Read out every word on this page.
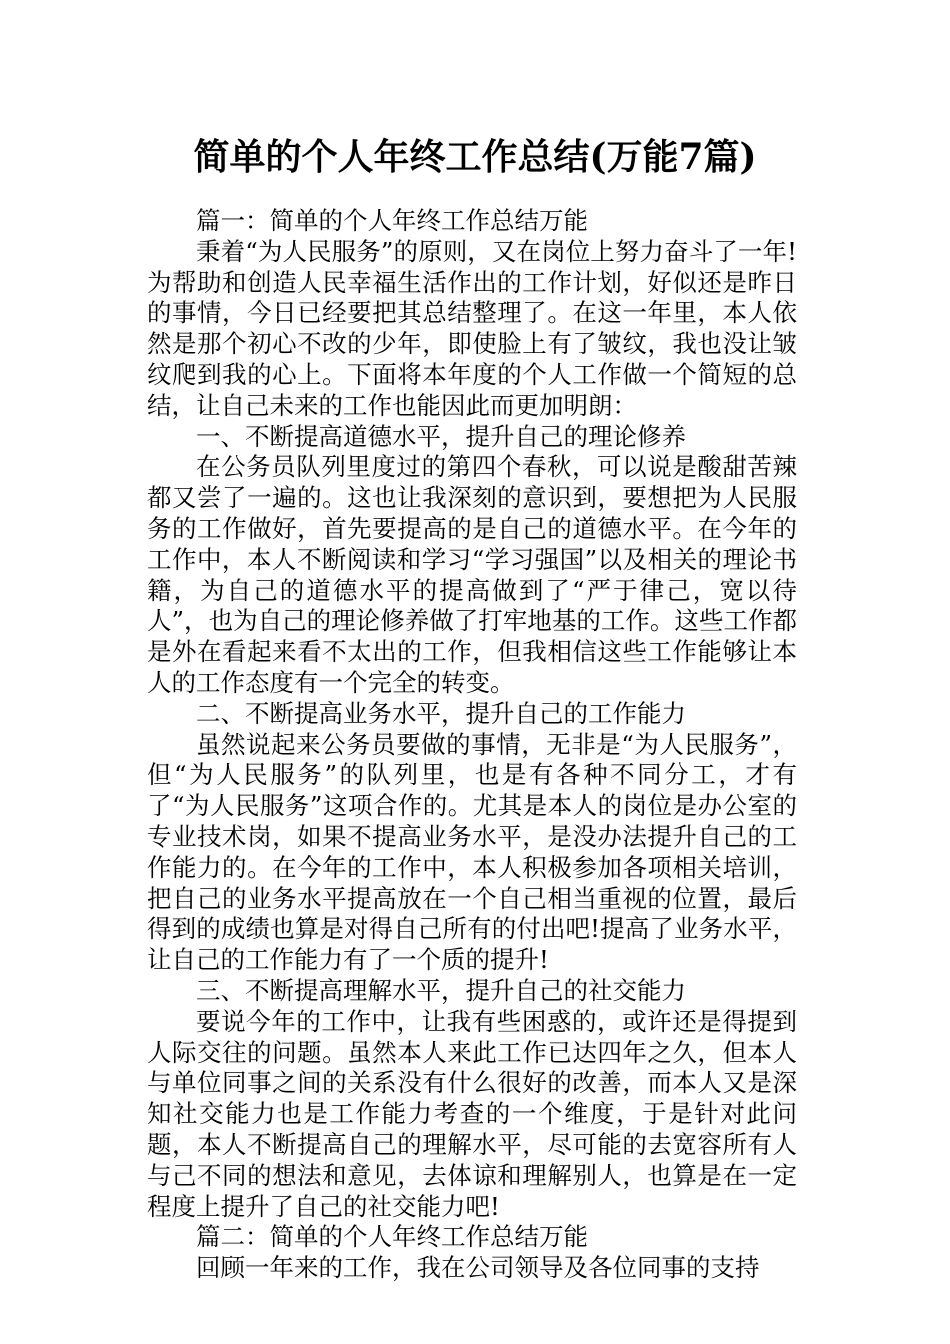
简单的个人年终工作总结(万能7篇)

篇一：简单的个人年终工作总结万能

秉着“为人民服务”的原则，又在岗位上努力奋斗了一年!为帮助和创造人民幸福生活作出的工作计划，好似还是昨日的事情，今日已经要把其总结整理了。在这一年里，本人依然是那个初心不改的少年，即使脸上有了皱纹，我也没让皱纹爬到我的心上。下面将本年度的个人工作做一个简短的总结，让自己未来的工作也能因此而更加明朗：

一、不断提高道德水平，提升自己的理论修养

在公务员队列里度过的第四个春秋，可以说是酸甜苦辣都又尝了一遍的。这也让我深刻的意识到，要想把为人民服务的工作做好，首先要提高的是自己的道德水平。在今年的工作中，本人不断阅读和学习“学习强国”以及相关的理论书籍，为自己的道德水平的提高做到了“严于律己，宽以待人”，也为自己的理论修养做了打牢地基的工作。这些工作都是外在看起来看不太出的工作，但我相信这些工作能够让本人的工作态度有一个完全的转变。

二、不断提高业务水平，提升自己的工作能力

虽然说起来公务员要做的事情，无非是“为人民服务”，但“为人民服务”的队列里，也是有各种不同分工，才有了“为人民服务”这项合作的。尤其是本人的岗位是办公室的专业技术岗，如果不提高业务水平，是没办法提升自己的工作能力的。在今年的工作中，本人积极参加各项相关培训，把自己的业务水平提高放在一个自己相当重视的位置，最后得到的成绩也算是对得自己所有的付出吧!提高了业务水平，让自己的工作能力有了一个质的提升!

三、不断提高理解水平，提升自己的社交能力

要说今年的工作中，让我有些困惑的，或许还是得提到人际交往的问题。虽然本人来此工作已达四年之久，但本人与单位同事之间的关系没有什么很好的改善，而本人又是深知社交能力也是工作能力考查的一个维度，于是针对此问题，本人不断提高自己的理解水平，尽可能的去宽容所有人与己不同的想法和意见，去体谅和理解别人，也算是在一定程度上提升了自己的社交能力吧!

篇二：简单的个人年终工作总结万能

回顾一年来的工作，我在公司领导及各位同事的支持
